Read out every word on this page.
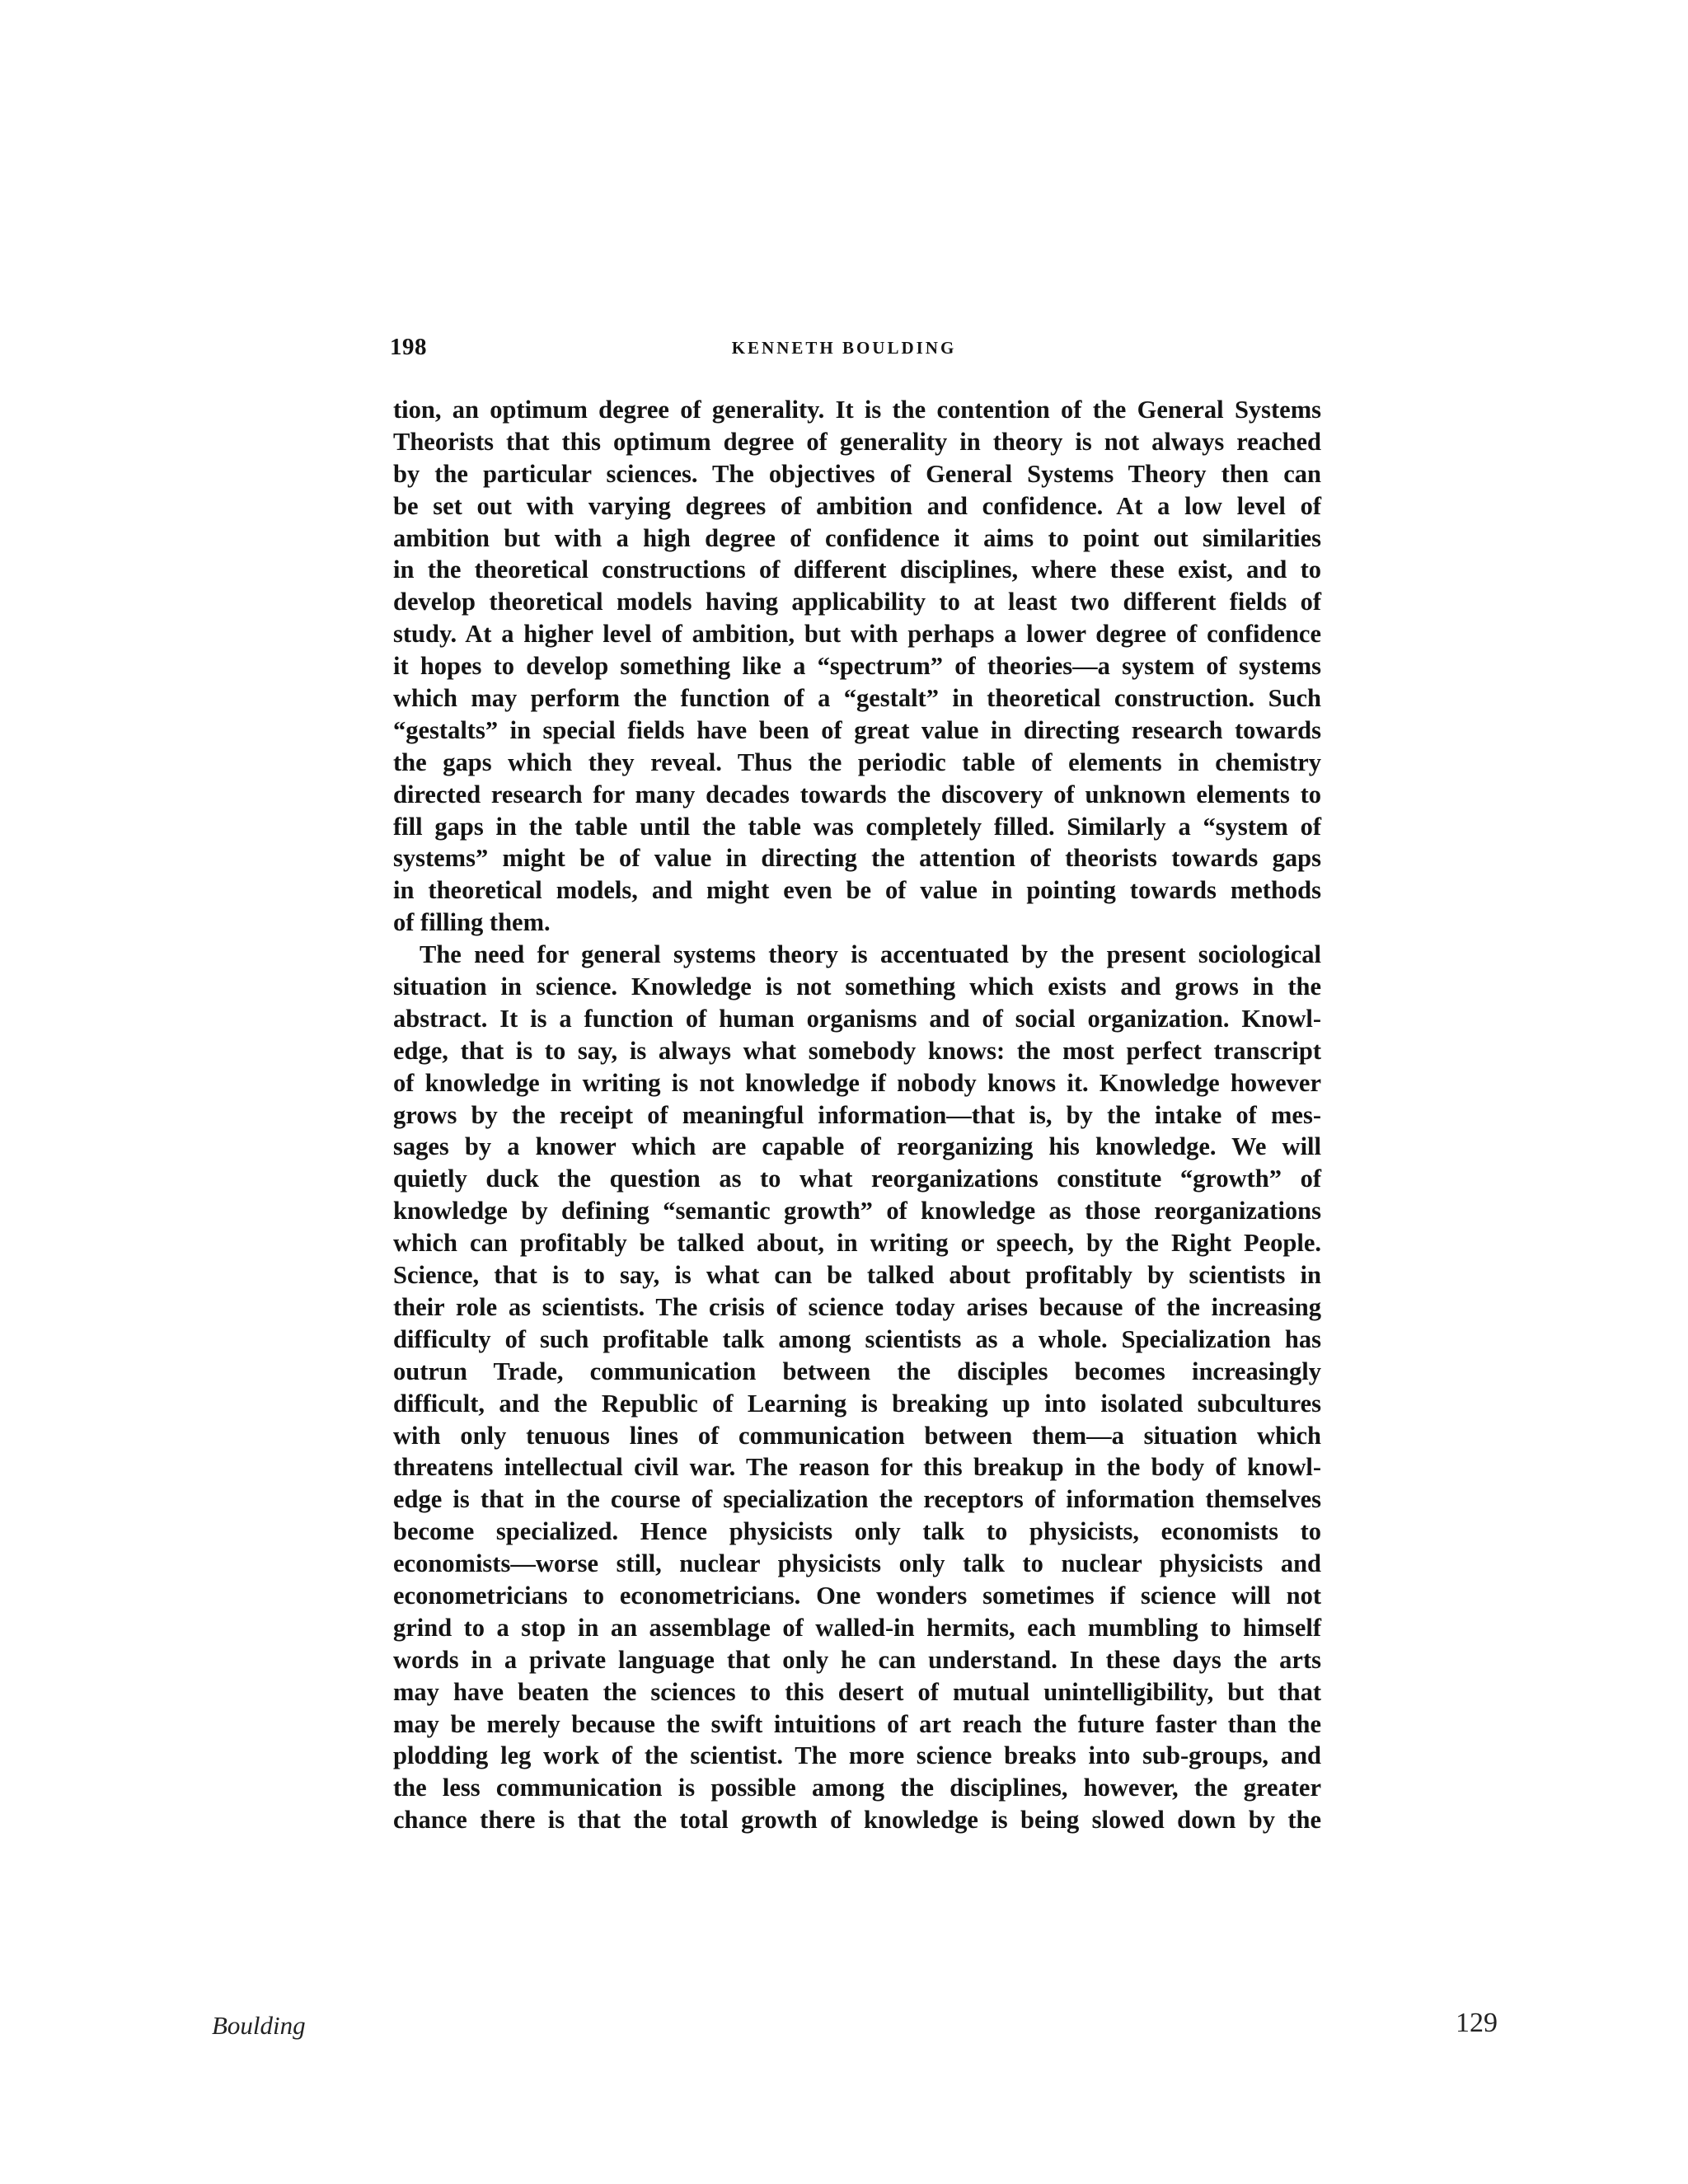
198	KENNETH BOULDING
tion, an optimum degree of generality. It is the contention of the General Systems
Theorists that this optimum degree of generality in theory is not always reached
by the particular sciences. The objectives of General Systems Theory then can
be set out with varying degrees of ambition and confidence. At a low level of
ambition but with a high degree of confidence it aims to point out similarities
in the theoretical constructions of different disciplines, where these exist, and to
develop theoretical models having applicability to at least two different fields of
study. At a higher level of ambition, but with perhaps a lower degree of confidence
it hopes to develop something like a “spectrum” of theories—a system of systems
which may perform the function of a “gestalt” in theoretical construction. Such
“gestalts” in special fields have been of great value in directing research towards
the gaps which they reveal. Thus the periodic table of elements in chemistry
directed research for many decades towards the discovery of unknown elements to
fill gaps in the table until the table was completely filled. Similarly a “system of
systems” might be of value in directing the attention of theorists towards gaps
in theoretical models, and might even be of value in pointing towards methods
of filling them.
The need for general systems theory is accentuated by the present sociological
situation in science. Knowledge is not something which exists and grows in the
abstract. It is a function of human organisms and of social organization. Knowl-
edge, that is to say, is always what somebody knows: the most perfect transcript
of knowledge in writing is not knowledge if nobody knows it. Knowledge however
grows by the receipt of meaningful information—that is, by the intake of mes-
sages by a knower which are capable of reorganizing his knowledge. We will
quietly duck the question as to what reorganizations constitute “growth” of
knowledge by defining “semantic growth” of knowledge as those reorganizations
which can profitably be talked about, in writing or speech, by the Right People.
Science, that is to say, is what can be talked about profitably by scientists in
their role as scientists. The crisis of science today arises because of the increasing
difficulty of such profitable talk among scientists as a whole. Specialization has
outrun Trade, communication between the disciples becomes increasingly
difficult, and the Republic of Learning is breaking up into isolated subcultures
with only tenuous lines of communication between them—a situation which
threatens intellectual civil war. The reason for this breakup in the body of knowl-
edge is that in the course of specialization the receptors of information themselves
become specialized. Hence physicists only talk to physicists, economists to
economists—worse still, nuclear physicists only talk to nuclear physicists and
econometricians to econometricians. One wonders sometimes if science will not
grind to a stop in an assemblage of walled-in hermits, each mumbling to himself
words in a private language that only he can understand. In these days the arts
may have beaten the sciences to this desert of mutual unintelligibility, but that
may be merely because the swift intuitions of art reach the future faster than the
plodding leg work of the scientist. The more science breaks into sub-groups, and
the less communication is possible among the disciplines, however, the greater
chance there is that the total growth of knowledge is being slowed down by the
Boulding	129
